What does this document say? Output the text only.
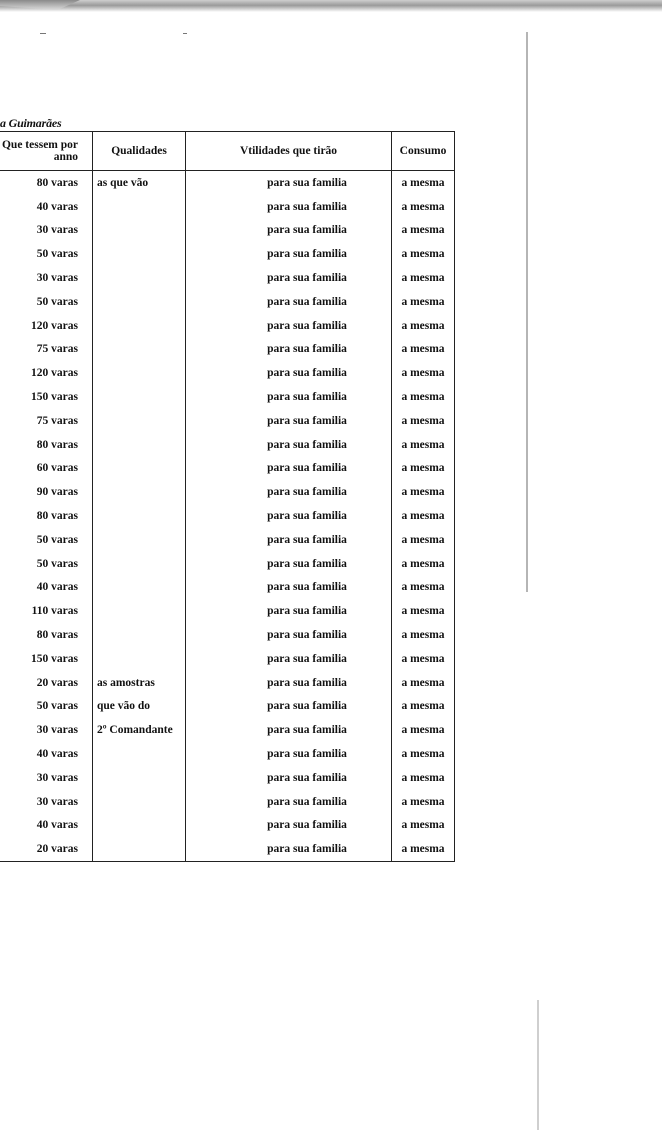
a Guimarães
Que tessem por anno	Qualidades	Vtilidades que tirão	Consumo
80 varas	as que vão	para sua familia	a mesma
40 varas		para sua familia	a mesma
30 varas		para sua familia	a mesma
50 varas		para sua familia	a mesma
30 varas		para sua familia	a mesma
50 varas		para sua familia	a mesma
120 varas		para sua familia	a mesma
75 varas		para sua familia	a mesma
120 varas		para sua familia	a mesma
150 varas		para sua familia	a mesma
75 varas		para sua familia	a mesma
80 varas		para sua familia	a mesma
60 varas		para sua familia	a mesma
90 varas		para sua familia	a mesma
80 varas		para sua familia	a mesma
50 varas		para sua familia	a mesma
50 varas		para sua familia	a mesma
40 varas		para sua familia	a mesma
110 varas		para sua familia	a mesma
80 varas		para sua familia	a mesma
150 varas		para sua familia	a mesma
20 varas	as amostras	para sua familia	a mesma
50 varas	que vão do	para sua familia	a mesma
30 varas	2º Comandante	para sua familia	a mesma
40 varas		para sua familia	a mesma
30 varas		para sua familia	a mesma
30 varas		para sua familia	a mesma
40 varas		para sua familia	a mesma
20 varas		para sua familia	a mesma
